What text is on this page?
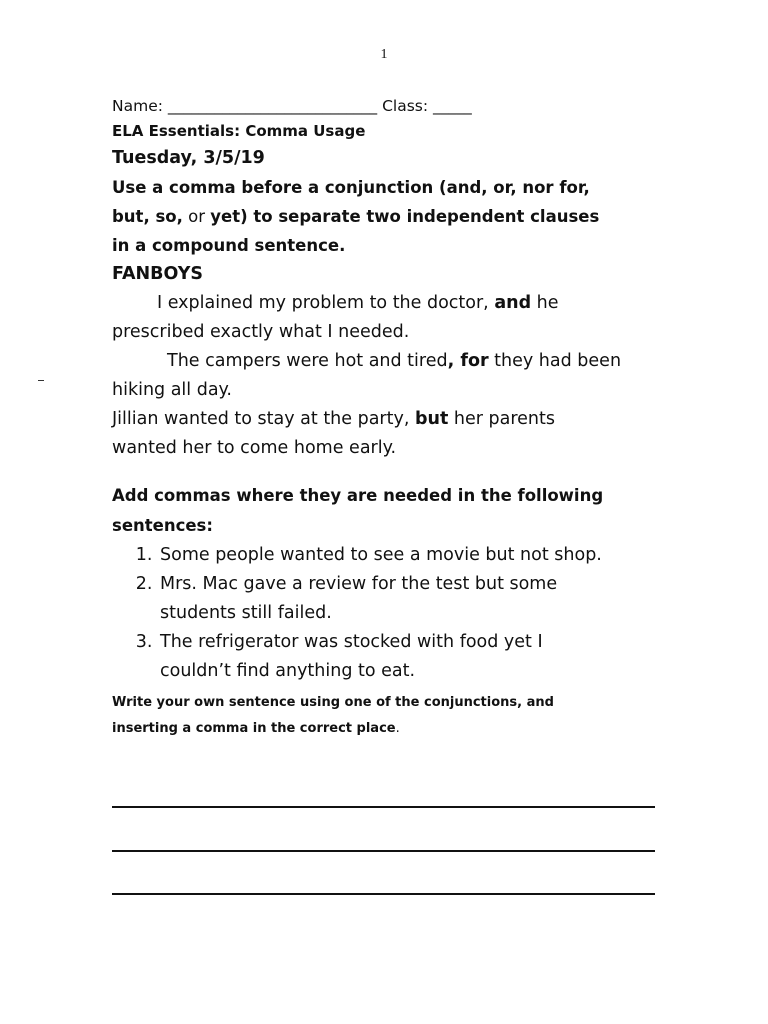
1
Name: ___________________________ Class: _____
ELA Essentials: Comma Usage
Tuesday, 3/5/19
Use a comma before a conjunction (and, or, nor for,
but, so, or yet) to separate two independent clauses
in a compound sentence.
FANBOYS
I explained my problem to the doctor, and he
prescribed exactly what I needed.
The campers were hot and tired, for they had been
hiking all day.
Jillian wanted to stay at the party, but her parents
wanted her to come home early.
Add commas where they are needed in the following
sentences:
1. Some people wanted to see a movie but not shop.
2. Mrs. Mac gave a review for the test but some
students still failed.
3. The refrigerator was stocked with food yet I
couldn’t find anything to eat.
Write your own sentence using one of the conjunctions, and
inserting a comma in the correct place.
